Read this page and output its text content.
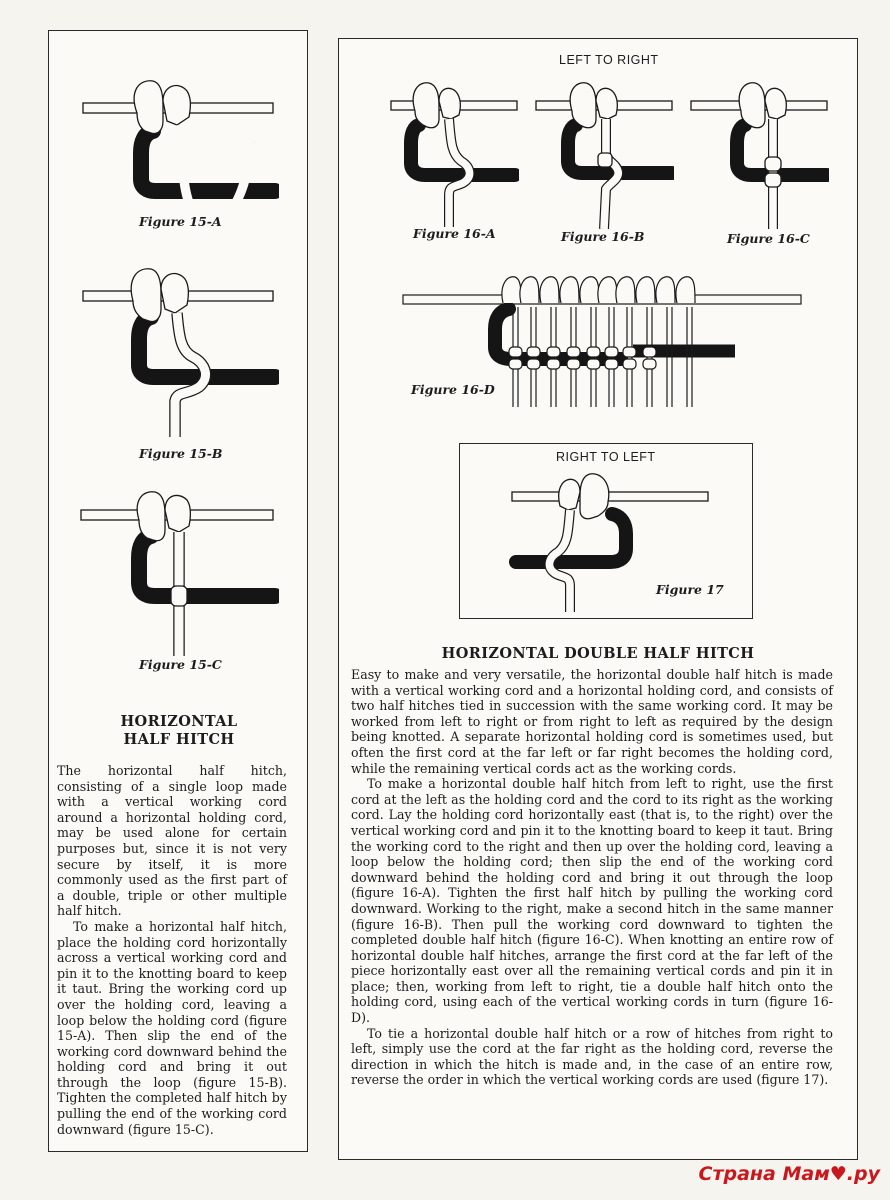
Figure 15-A
Figure 15-B
Figure 15-C
HORIZONTAL
HALF HITCH

The horizontal half hitch, consisting of a single loop made with a vertical working cord around a horizontal holding cord, may be used alone for certain purposes but, since it is not very secure by itself, it is more commonly used as the first part of a double, triple or other multiple half hitch.

To make a horizontal half hitch, place the holding cord horizontally across a vertical working cord and pin it to the knotting board to keep it taut. Bring the working cord up over the holding cord, leaving a loop below the holding cord (figure 15-A). Then slip the end of the working cord downward behind the holding cord and bring it out through the loop (figure 15-B). Tighten the completed half hitch by pulling the end of the working cord downward (figure 15-C).

LEFT TO RIGHT
Figure 16-A	Figure 16-B	Figure 16-C
Figure 16-D
RIGHT TO LEFT
Figure 17
HORIZONTAL DOUBLE HALF HITCH

Easy to make and very versatile, the horizontal double half hitch is made with a vertical working cord and a horizontal holding cord, and consists of two half hitches tied in succession with the same working cord. It may be worked from left to right or from right to left as required by the design being knotted. A separate horizontal holding cord is sometimes used, but often the first cord at the far left or far right becomes the holding cord, while the remaining vertical cords act as the working cords.

To make a horizontal double half hitch from left to right, use the first cord at the left as the holding cord and the cord to its right as the working cord. Lay the holding cord horizontally east (that is, to the right) over the vertical working cord and pin it to the knotting board to keep it taut. Bring the working cord to the right and then up over the holding cord, leaving a loop below the holding cord; then slip the end of the working cord downward behind the holding cord and bring it out through the loop (figure 16-A). Tighten the first half hitch by pulling the working cord downward. Working to the right, make a second hitch in the same manner (figure 16-B). Then pull the working cord downward to tighten the completed double half hitch (figure 16-C). When knotting an entire row of horizontal double half hitches, arrange the first cord at the far left of the piece horizontally east over all the remaining vertical cords and pin it in place; then, working from left to right, tie a double half hitch onto the holding cord, using each of the vertical working cords in turn (figure 16-D).

To tie a horizontal double half hitch or a row of hitches from right to left, simply use the cord at the far right as the holding cord, reverse the direction in which the hitch is made and, in the case of an entire row, reverse the order in which the vertical working cords are used (figure 17).

Страна Мам♥.ру
